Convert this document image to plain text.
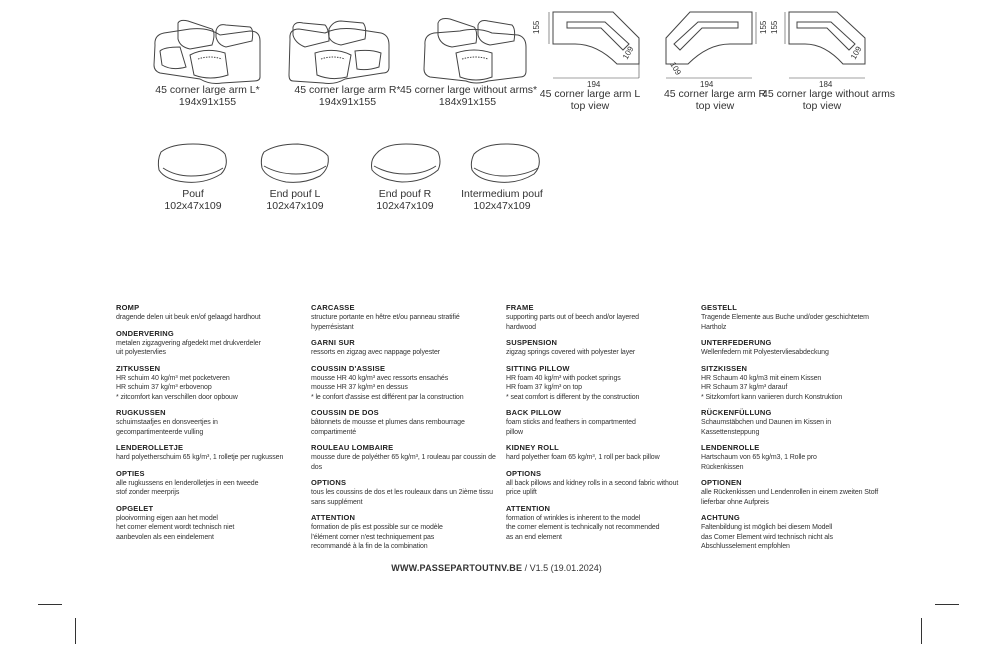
45 corner large arm L*
194x91x155
45 corner large arm R*
194x91x155
45 corner large without arms*
184x91x155
155
194
109
155
194
109
155
184
109
45 corner large arm L
top view
45 corner large arm R
top view
45 corner large without arms
top view
Pouf
102x47x109
End pouf L
102x47x109
End pouf R
102x47x109
Intermedium pouf
102x47x109
ROMP
dragende delen uit beuk en/of gelaagd hardhout
ONDERVERING
metalen zigzagvering afgedekt met drukverdeler
uit polyestervlies
ZITKUSSEN
HR schuim 40 kg/m³ met pocketveren
HR schuim 37 kg/m³ erbovenop
* zitcomfort kan verschillen door opbouw
RUGKUSSEN
schuimstaafjes en donsveertjes in
gecompartimenteerde vulling
LENDEROLLETJE
hard polyetherschuim 65 kg/m³, 1 rolletje per rugkussen
OPTIES
alle rugkussens en lenderolletjes in een tweede
stof zonder meerprijs
OPGELET
plooivorming eigen aan het model
het corner element wordt technisch niet
aanbevolen als een eindelement
CARCASSE
structure portante en hêtre et/ou panneau stratifié
hyperrésistant
GARNI SUR
ressorts en zigzag avec nappage polyester
COUSSIN D'ASSISE
mousse HR 40 kg/m³ avec ressorts ensachés
mousse HR 37 kg/m³ en dessus
* le confort d'assise est différent par la construction
COUSSIN DE DOS
bâtonnets de mousse et plumes dans rembourrage
compartimenté
ROULEAU LOMBAIRE
mousse dure de polyéther 65 kg/m³, 1 rouleau par coussin de
dos
OPTIONS
tous les coussins de dos et les rouleaux dans un 2ième tissu
sans supplément
ATTENTION
formation de plis est possible sur ce modèle
l'élément corner n'est techniquement pas
recommandé à la fin de la combination
FRAME
supporting parts out of beech and/or layered
hardwood
SUSPENSION
zigzag springs covered with polyester layer
SITTING PILLOW
HR foam 40 kg/m³ with pocket springs
HR foam 37 kg/m³ on top
* seat comfort is different by the construction
BACK PILLOW
foam sticks and feathers in compartmented
pillow
KIDNEY ROLL
hard polyether foam 65 kg/m³, 1 roll per back pillow
OPTIONS
all back pillows and kidney rolls in a second fabric without
price uplift
ATTENTION
formation of wrinkles is inherent to the model
the corner element is technically not recommended
as an end element
GESTELL
Tragende Elemente aus Buche und/oder geschichtetem
Hartholz
UNTERFEDERUNG
Wellenfedern mit Polyestervliesabdeckung
SITZKISSEN
HR Schaum 40 kg/m3 mit einem Kissen
HR Schaum 37 kg/m³ darauf
* Sitzkomfort kann variieren durch Konstruktion
RÜCKENFÜLLUNG
Schaumstäbchen und Daunen im Kissen in
Kassettensteppung
LENDENROLLE
Hartschaum von 65 kg/m3, 1 Rolle pro
Rückenkissen
OPTIONEN
alle Rückenkissen und Lendenrollen in einem zweiten Stoff
lieferbar ohne Aufpreis
ACHTUNG
Faltenbildung ist möglich bei diesem Modell
das Corner Element wird technisch nicht als
Abschlusselement empfohlen
WWW.PASSEPARTOUTNV.BE / V1.5 (19.01.2024)
